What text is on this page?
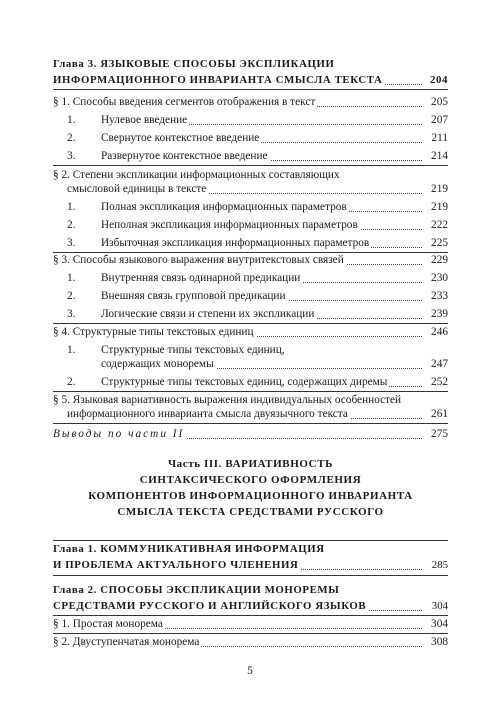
Глава 3. ЯЗЫКОВЫЕ СПОСОБЫ ЭКСПЛИКАЦИИ
ИНФОРМАЦИОННОГО ИНВАРИАНТА СМЫСЛА ТЕКСТА	204
§ 1. Способы введения сегментов отображения в текст	205
1. Нулевое введение	207
2. Свернутое контекстное введение	211
3. Развернутое контекстное введение	214
§ 2. Степени экспликации информационных составляющих
смысловой единицы в тексте	219
1. Полная экспликация информационных параметров	219
2. Неполная экспликация информационных параметров	222
3. Избыточная экспликация информационных параметров	225
§ 3. Способы языкового выражения внутритекстовых связей	229
1. Внутренняя связь одинарной предикации	230
2. Внешняя связь групповой предикации	233
3. Логические связи и степени их экспликации	239
§ 4. Структурные типы текстовых единиц	246
1. Структурные типы текстовых единиц,
содержащих моноремы	247
2. Структурные типы текстовых единиц, содержащих диремы	252
§ 5. Языковая вариативность выражения индивидуальных особенностей
информационного инварианта смысла двуязычного текста	261
Выводы по части II	275
Часть III. ВАРИАТИВНОСТЬ
СИНТАКСИЧЕСКОГО ОФОРМЛЕНИЯ
КОМПОНЕНТОВ ИНФОРМАЦИОННОГО ИНВАРИАНТА
СМЫСЛА ТЕКСТА СРЕДСТВАМИ РУССКОГО
Глава 1. КОММУНИКАТИВНАЯ ИНФОРМАЦИЯ
И ПРОБЛЕМА АКТУАЛЬНОГО ЧЛЕНЕНИЯ	285
Глава 2. СПОСОБЫ ЭКСПЛИКАЦИИ МОНОРЕМЫ
СРЕДСТВАМИ РУССКОГО И АНГЛИЙСКОГО ЯЗЫКОВ	304
§ 1. Простая монорема	304
§ 2. Двуступенчатая монорема	308
5
